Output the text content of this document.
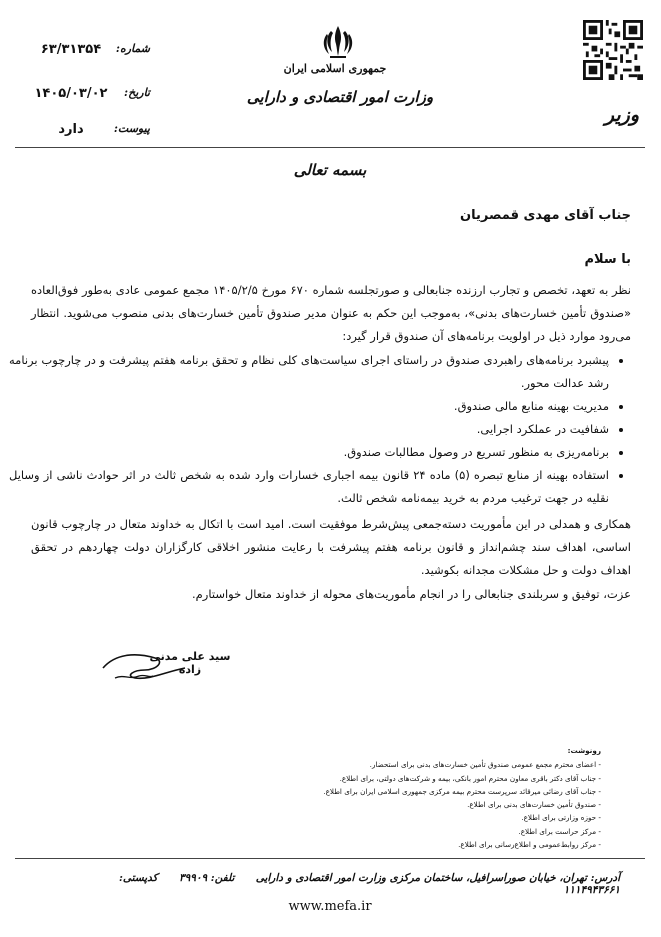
وزیر
جمهوری اسلامی ایران
وزارت امور اقتصادی و دارایی
شماره:
۶۳/۳۱۳۵۴
تاریخ:
۱۴۰۵/۰۳/۰۲
پیوست:
دارد
بسمه تعالی
جناب آقای مهدی قمصریان
با سلام
نظر به تعهد، تخصص و تجارب ارزنده جنابعالی و صورتجلسه شماره ۶۷۰ مورخ ۱۴۰۵/۲/۵ مجمع عمومی عادی به‌طور فوق‌العاده «صندوق تأمین خسارت‌های بدنی»، به‌موجب این حکم به عنوان مدیر صندوق تأمین خسارت‌های بدنی منصوب می‌شوید. انتظار می‌رود موارد ذیل در اولویت برنامه‌های آن صندوق قرار گیرد:
• پیشبرد برنامه‌های راهبردی صندوق در راستای اجرای سیاست‌های کلی نظام و تحقق برنامه هفتم پیشرفت و در چارچوب برنامه رشد عدالت محور.
• مدیریت بهینه منابع مالی صندوق.
• شفافیت در عملکرد اجرایی.
• برنامه‌ریزی به منظور تسریع در وصول مطالبات صندوق.
• استفاده بهینه از منابع تبصره (۵) ماده ۲۴ قانون بیمه اجباری خسارات وارد شده به شخص ثالث در اثر حوادث ناشی از وسایل نقلیه در جهت ترغیب مردم به خرید بیمه‌نامه شخص ثالث.
همکاری و همدلی در این مأموریت دسته‌جمعی پیش‌شرط موفقیت است. امید است با اتکال به خداوند متعال در چارچوب قانون اساسی، اهداف سند چشم‌انداز و قانون برنامه هفتم پیشرفت با رعایت منشور اخلاقی کارگزاران دولت چهاردهم در تحقق اهداف دولت و حل مشکلات مجدانه بکوشید.
عزت، توفیق و سربلندی جنابعالی را در انجام مأموریت‌های محوله از خداوند متعال خواستارم.
سید علی مدنی زاده
رونوشت:
- اعضای محترم مجمع عمومی صندوق تأمین خسارت‌های بدنی برای استحضار.
- جناب آقای دکتر باقری معاون محترم امور بانکی، بیمه و شرکت‌های دولتی، برای اطلاع.
- جناب آقای رضائی میرقائد سرپرست محترم بیمه مرکزی جمهوری اسلامی ایران برای اطلاع.
- صندوق تأمین خسارت‌های بدنی برای اطلاع.
- حوزه وزارتی برای اطلاع.
- مرکز حراست برای اطلاع.
- مرکز روابط‌عمومی و اطلاع‌رسانی برای اطلاع.
آدرس: تهران، خیابان صوراسرافیل، ساختمان مرکزی وزارت امور اقتصادی و دارایی  تلفن: ۳۹۹۰۹  کدپستی: ۱۱۱۴۹۴۳۶۶۱
www.mefa.ir
